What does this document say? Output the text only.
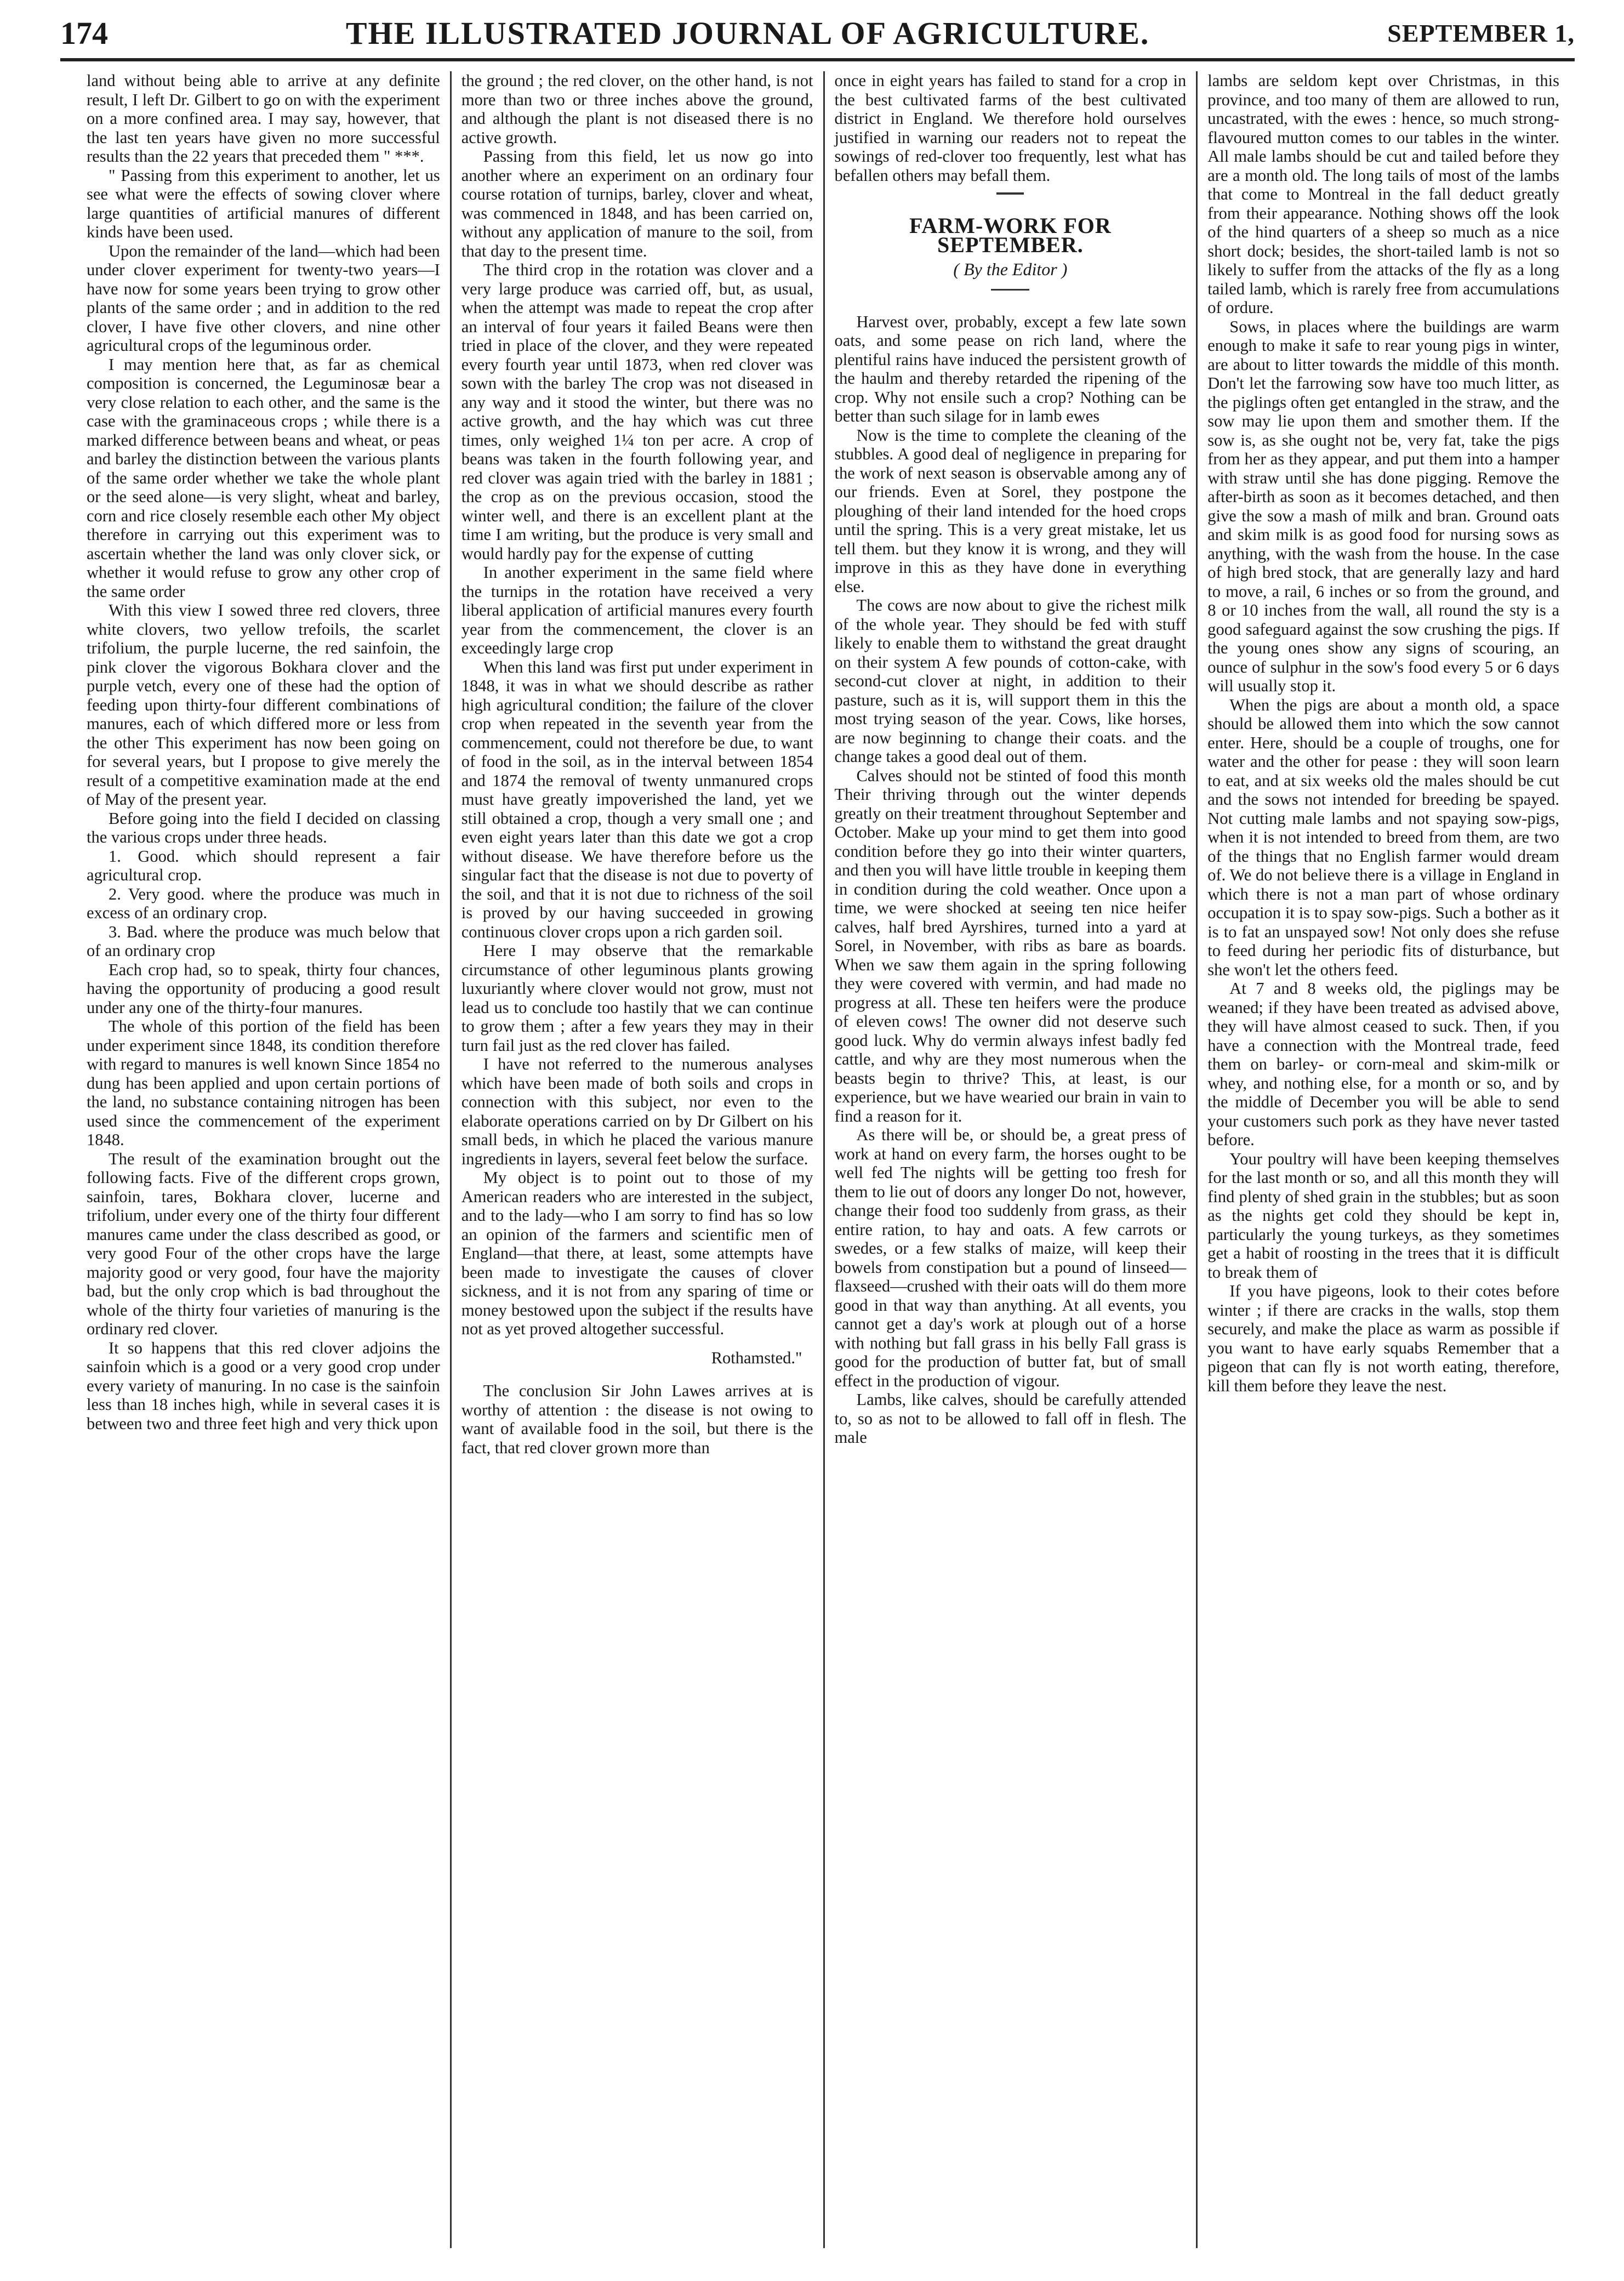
174	THE ILLUSTRATED JOURNAL OF AGRICULTURE.	SEPTEMBER 1,

land without being able to arrive at any definite result, I left Dr. Gilbert to go on with the experiment on a more confined area. I may say, however, that the last ten years have given no more successful results than the 22 years that preceded them " ***.

" Passing from this experiment to another, let us see what were the effects of sowing clover where large quantities of artificial manures of different kinds have been used.

Upon the remainder of the land—which had been under clover experiment for twenty-two years—I have now for some years been trying to grow other plants of the same order ; and in addition to the red clover, I have five other clovers, and nine other agricultural crops of the leguminous order.

I may mention here that, as far as chemical composition is concerned, the Leguminosæ bear a very close relation to each other, and the same is the case with the graminaceous crops ; while there is a marked difference between beans and wheat, or peas and barley the distinction between the various plants of the same order whether we take the whole plant or the seed alone—is very slight, wheat and barley, corn and rice closely resemble each other My object therefore in carrying out this experiment was to ascertain whether the land was only clover sick, or whether it would refuse to grow any other crop of the same order

With this view I sowed three red clovers, three white clovers, two yellow trefoils, the scarlet trifolium, the purple lucerne, the red sainfoin, the pink clover the vigorous Bokhara clover and the purple vetch, every one of these had the option of feeding upon thirty-four different combinations of manures, each of which differed more or less from the other This experiment has now been going on for several years, but I propose to give merely the result of a competitive examination made at the end of May of the present year.

Before going into the field I decided on classing the various crops under three heads.

1. Good. which should represent a fair agricultural crop.

2. Very good. where the produce was much in excess of an ordinary crop.

3. Bad. where the produce was much below that of an ordinary crop

Each crop had, so to speak, thirty four chances, having the opportunity of producing a good result under any one of the thirty-four manures.

The whole of this portion of the field has been under experiment since 1848, its condition therefore with regard to manures is well known Since 1854 no dung has been applied and upon certain portions of the land, no substance containing nitrogen has been used since the commencement of the experiment 1848.

The result of the examination brought out the following facts. Five of the different crops grown, sainfoin, tares, Bokhara clover, lucerne and trifolium, under every one of the thirty four different manures came under the class described as good, or very good Four of the other crops have the large majority good or very good, four have the majority bad, but the only crop which is bad throughout the whole of the thirty four varieties of manuring is the ordinary red clover.

It so happens that this red clover adjoins the sainfoin which is a good or a very good crop under every variety of manuring. In no case is the sainfoin less than 18 inches high, while in several cases it is between two and three feet high and very thick upon

the ground ; the red clover, on the other hand, is not more than two or three inches above the ground, and although the plant is not diseased there is no active growth.

Passing from this field, let us now go into another where an experiment on an ordinary four course rotation of turnips, barley, clover and wheat, was commenced in 1848, and has been carried on, without any application of manure to the soil, from that day to the present time.

The third crop in the rotation was clover and a very large produce was carried off, but, as usual, when the attempt was made to repeat the crop after an interval of four years it failed Beans were then tried in place of the clover, and they were repeated every fourth year until 1873, when red clover was sown with the barley The crop was not diseased in any way and it stood the winter, but there was no active growth, and the hay which was cut three times, only weighed 1¼ ton per acre. A crop of beans was taken in the fourth following year, and red clover was again tried with the barley in 1881 ; the crop as on the previous occasion, stood the winter well, and there is an excellent plant at the time I am writing, but the produce is very small and would hardly pay for the expense of cutting

In another experiment in the same field where the turnips in the rotation have received a very liberal application of artificial manures every fourth year from the commencement, the clover is an exceedingly large crop

When this land was first put under experiment in 1848, it was in what we should describe as rather high agricultural condition; the failure of the clover crop when repeated in the seventh year from the commencement, could not therefore be due, to want of food in the soil, as in the interval between 1854 and 1874 the removal of twenty unmanured crops must have greatly impoverished the land, yet we still obtained a crop, though a very small one ; and even eight years later than this date we got a crop without disease. We have therefore before us the singular fact that the disease is not due to poverty of the soil, and that it is not due to richness of the soil is proved by our having succeeded in growing continuous clover crops upon a rich garden soil.

Here I may observe that the remarkable circumstance of other leguminous plants growing luxuriantly where clover would not grow, must not lead us to conclude too hastily that we can continue to grow them ; after a few years they may in their turn fail just as the red clover has failed.

I have not referred to the numerous analyses which have been made of both soils and crops in connection with this subject, nor even to the elaborate operations carried on by Dr Gilbert on his small beds, in which he placed the various manure ingredients in layers, several feet below the surface.

My object is to point out to those of my American readers who are interested in the subject, and to the lady—who I am sorry to find has so low an opinion of the farmers and scientific men of England—that there, at least, some attempts have been made to investigate the causes of clover sickness, and it is not from any sparing of time or money bestowed upon the subject if the results have not as yet proved altogether successful.

Rothamsted."

The conclusion Sir John Lawes arrives at is worthy of attention : the disease is not owing to want of available food in the soil, but there is the fact, that red clover grown more than

once in eight years has failed to stand for a crop in the best cultivated farms of the best cultivated district in England. We therefore hold ourselves justified in warning our readers not to repeat the sowings of red-clover too frequently, lest what has befallen others may befall them.

FARM-WORK FOR SEPTEMBER.
( By the Editor )

Harvest over, probably, except a few late sown oats, and some pease on rich land, where the plentiful rains have induced the persistent growth of the haulm and thereby retarded the ripening of the crop. Why not ensile such a crop? Nothing can be better than such silage for in lamb ewes

Now is the time to complete the cleaning of the stubbles. A good deal of negligence in preparing for the work of next season is observable among any of our friends. Even at Sorel, they postpone the ploughing of their land intended for the hoed crops until the spring. This is a very great mistake, let us tell them. but they know it is wrong, and they will improve in this as they have done in everything else.

The cows are now about to give the richest milk of the whole year. They should be fed with stuff likely to enable them to withstand the great draught on their system A few pounds of cotton-cake, with second-cut clover at night, in addition to their pasture, such as it is, will support them in this the most trying season of the year. Cows, like horses, are now beginning to change their coats. and the change takes a good deal out of them.

Calves should not be stinted of food this month Their thriving through out the winter depends greatly on their treatment throughout September and October. Make up your mind to get them into good condition before they go into their winter quarters, and then you will have little trouble in keeping them in condition during the cold weather. Once upon a time, we were shocked at seeing ten nice heifer calves, half bred Ayrshires, turned into a yard at Sorel, in November, with ribs as bare as boards. When we saw them again in the spring following they were covered with vermin, and had made no progress at all. These ten heifers were the produce of eleven cows! The owner did not deserve such good luck. Why do vermin always infest badly fed cattle, and why are they most numerous when the beasts begin to thrive? This, at least, is our experience, but we have wearied our brain in vain to find a reason for it.

As there will be, or should be, a great press of work at hand on every farm, the horses ought to be well fed The nights will be getting too fresh for them to lie out of doors any longer Do not, however, change their food too suddenly from grass, as their entire ration, to hay and oats. A few carrots or swedes, or a few stalks of maize, will keep their bowels from constipation but a pound of linseed—flaxseed—crushed with their oats will do them more good in that way than anything. At all events, you cannot get a day's work at plough out of a horse with nothing but fall grass in his belly Fall grass is good for the production of butter fat, but of small effect in the production of vigour.

Lambs, like calves, should be carefully attended to, so as not to be allowed to fall off in flesh. The male

lambs are seldom kept over Christmas, in this province, and too many of them are allowed to run, uncastrated, with the ewes : hence, so much strong-flavoured mutton comes to our tables in the winter. All male lambs should be cut and tailed before they are a month old. The long tails of most of the lambs that come to Montreal in the fall deduct greatly from their appearance. Nothing shows off the look of the hind quarters of a sheep so much as a nice short dock; besides, the short-tailed lamb is not so likely to suffer from the attacks of the fly as a long tailed lamb, which is rarely free from accumulations of ordure.

Sows, in places where the buildings are warm enough to make it safe to rear young pigs in winter, are about to litter towards the middle of this month. Don't let the farrowing sow have too much litter, as the piglings often get entangled in the straw, and the sow may lie upon them and smother them. If the sow is, as she ought not be, very fat, take the pigs from her as they appear, and put them into a hamper with straw until she has done pigging. Remove the after-birth as soon as it becomes detached, and then give the sow a mash of milk and bran. Ground oats and skim milk is as good food for nursing sows as anything, with the wash from the house. In the case of high bred stock, that are generally lazy and hard to move, a rail, 6 inches or so from the ground, and 8 or 10 inches from the wall, all round the sty is a good safeguard against the sow crushing the pigs. If the young ones show any signs of scouring, an ounce of sulphur in the sow's food every 5 or 6 days will usually stop it.

When the pigs are about a month old, a space should be allowed them into which the sow cannot enter. Here, should be a couple of troughs, one for water and the other for pease : they will soon learn to eat, and at six weeks old the males should be cut and the sows not intended for breeding be spayed. Not cutting male lambs and not spaying sow-pigs, when it is not intended to breed from them, are two of the things that no English farmer would dream of. We do not believe there is a village in England in which there is not a man part of whose ordinary occupation it is to spay sow-pigs. Such a bother as it is to fat an unspayed sow! Not only does she refuse to feed during her periodic fits of disturbance, but she won't let the others feed.

At 7 and 8 weeks old, the piglings may be weaned; if they have been treated as advised above, they will have almost ceased to suck. Then, if you have a connection with the Montreal trade, feed them on barley- or corn-meal and skim-milk or whey, and nothing else, for a month or so, and by the middle of December you will be able to send your customers such pork as they have never tasted before.

Your poultry will have been keeping themselves for the last month or so, and all this month they will find plenty of shed grain in the stubbles; but as soon as the nights get cold they should be kept in, particularly the young turkeys, as they sometimes get a habit of roosting in the trees that it is difficult to break them of

If you have pigeons, look to their cotes before winter ; if there are cracks in the walls, stop them securely, and make the place as warm as possible if you want to have early squabs Remember that a pigeon that can fly is not worth eating, therefore, kill them before they leave the nest.
